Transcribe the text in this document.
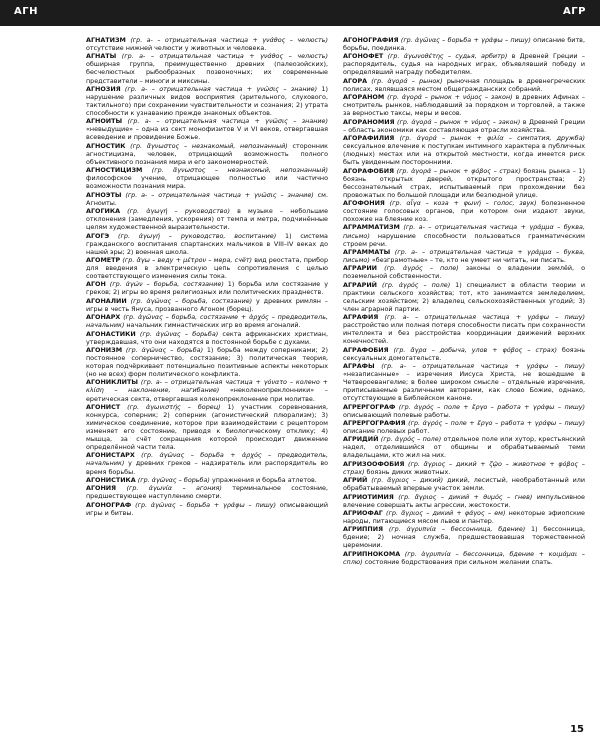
АГН	АГР

АГНАТИЗМ (гр. а- – отрицательная частица + γνάθος – челюсть) отсутствие нижней челюсти у животных и человека.

АГНАТЫ (гр. а- – отрицательная частица + γνάθος – челюсть) обширная группа, преимущественно древних (палеозойских), бесчелюстных рыбообразных позвоночных; их современные представители – миноги и миксины.

АГНОЗИЯ (гр. а- – отрицательная частица + γνῶσις – знание) 1) нарушение различных видов восприятия (зрительного, слухового, тактильного) при сохранении чувствительности и сознания; 2) утрата способности к узнаванию прежде знакомых объектов.

АГНОИТЫ (гр. а- – отрицательная частица + γνῶσις – знание) «невыдущие» – одна из сект монофизитов V и VI веков, отвергавшая всеведение и провидение Божье.

АГНОСТИК (гр. ἄγνωστος – незнакомый, непознанный) сторонник агностицизма, человек, отрицающий возможность полного объективного познания мира и его закономерностей.

АГНОСТИЦИЗМ (гр. ἄγνωστος – незнакомый, непознанный) философское учение, отрицающее полностью или частично возможности познания мира.

АГНОЭТЫ (гр. а- – отрицательная частица + γνῶσις – знание) см. Агноиты.

АГОГИКА (гр. ἀγωγή – руководство) в музыке – небольшие отклонения (замедления, ускорения) от темпа и метра, подчинённые целям художественной выразительности.

АГОГЭ (гр. ἀγωγή – руководство, воспитание) 1) система гражданского воспитания спартанских мальчиков в VIII–IV веках до нашей эры; 2) военная школа.

АГОМЕТР (гр. ἄγω – веду + μέτρον – мера, счёт) вид реостата, прибор для введения в электрическую цепь сопротивления с целью соответствующего изменения силы тока.

АГОН (гр. ἀγών – борьба, состязание) 1) борьба или состязание у греков; 2) игры во время религиозных или политических празднеств.

АГОНАЛИИ (гр. ἀγῶνας – борьба, состязание) у древних римлян – игры в честь Януса, прозванного Агоном (борец).

АГОНАРХ (гр. ἀγῶνας – борьба, состязание + ἀρχός – предводитель, начальник) начальник гимнастических игр во время агоналий.

АГОНАСТИКИ (гр. ἀγῶνας – борьба) секта африканских христиан, утверждавшая, что они находятся в постоянной борьбе с духами.

АГОНИЗМ (гр. ἀγῶνας – борьба) 1) борьба между соперниками; 2) постоянное соперничество, состязание; 3) политическая теория, которая подчёркивает потенциально позитивные аспекты некоторых (но не всех) форм политического конфликта.

АГОНИКЛИТЫ (гр. а- – отрицательная частица + γόνατο – колено + κλίση – наклонение, нагибание) «неколенопреклонники» – еретическая секта, отвергавшая коленопреклонение при молитве.

АГОНИСТ (гр. ἀγωνιστής – борец) 1) участник соревнования, конкурса, соперник; 2) соперник (агонистический плюрализм); 3) химическое соединение, которое при взаимодействии с рецептором изменяет его состояние, приводя к биологическому отклику; 4) мышца, за счёт сокращения которой происходит движение определённой части тела.

АГОНИСТАРХ (гр. ἀγῶνας – борьба + ἀρχός – предводитель, начальник) у древних греков – надзиратель или распорядитель во время борьбы.

АГОНИСТИКА (гр. ἀγῶνας – борьба) упражнения и борьба атлетов.

АГОНИЯ (гр. ἀγωνία – агония) терминальное состояние, предшествующее наступлению смерти.

АГОНОГРАФ (гр. ἀγῶνας – борьба + γράφω – пишу) описывающий игры и битвы.

АГОНОГРАФИЯ (гр. ἀγῶνας – борьба + γράφω – пишу) описание битв, борьбы, поединка.

АГОНОФЕТ (гр. ἀγωνοθέτης – судья, арбитр) в Древней Греции – распорядитель, судья на народных играх, объявлявший победу и определявший награду победителям.

АГОРА (гр. ἀγορά – рынок) рыночная площадь в древнегреческих полисах, являвшаяся местом общегражданских собраний.

АГОРАНОМ (гр. ἀγορά – рынок + νόμος – закон) в древних Афинах – смотритель рынков, наблюдавший за порядком и торговлей, а также за верностью таксы, меры и весов.

АГОРАНОМИЯ (гр. ἀγορά – рынок + νόμος – закон) в Древней Греции – область экономики как составляющая отрасли хозяйства.

АГОРАФИЛИЯ (гр. ἀγορά – рынок + φιλία – симпатия, дружба) сексуальное влечение к поступкам интимного характера в публичных (людных) местах или на открытой местности, когда имеется риск быть увиденным посторонними.

АГОРАФОБИЯ (гр. ἀγορά – рынок + φόβος – страх) боязнь рынка – 1) боязнь открытых дверей, открытого пространства; 2) бессознательный страх, испытываемый при прохождении без провожатых по большой площади или безлюдной улице.

АГОФОНИЯ (гр. αἶγα – коза + φωνή – голос, звук) болезненное состояние голосовых органов, при котором они издают звуки, похожие на блеяние коз.

АГРАММАТИЗМ (гр. а- – отрицательная частица + γράμμα – буква, письмо) нарушение способности пользоваться грамматическим строем речи.

АГРАММАТЫ (гр. а- – отрицательная частица + γράμμα – буква, письмо) «безграмотные» – те, кто не умеет ни читать, ни писать.

АГРАРИИ (гр. ἀγρός – поле) законы о владении землёй, о поземельной собственности.

АГРАРИЙ (гр. ἀγρός – поле) 1) специалист в области теории и практики сельского хозяйства; тот, кто занимается земледелием, сельским хозяйством; 2) владелец сельскохозяйственных угодий; 3) член аграрной партии.

АГРАФИЯ (гр. а- – отрицательная частица + γράφω – пишу) расстройство или полная потеря способности писать при сохранности интеллекта и без расстройства координации движений верхних конечностей.

АГРАФОБИЯ (гр. ἄγρα – добыча, улов + φόβος – страх) боязнь сексуальных домогательств.

АГРАФЫ (гр. а- – отрицательная частица + γράφω – пишу) «незаписанные» – изречения Иисуса Христа, не вошедшие в Четвероевангелие; в более широком смысле – отдельные изречения, приписываемые различными авторами, как слово Божие, однако, отсутствующие в Библейском каноне.

АГРЕРГОГРАФ (гр. ἀγρός – поле + ἔργο – работа + γράφω – пишу) описывающий полевые работы.

АГРЕРГОГРАФИЯ (гр. ἀγρός – поле + ἔργο – работа + γράφω – пишу) описание полевых работ.

АГРИДИЙ (гр. ἀγρός – поле) отдельное поле или хутор, крестьянский надел, отделившийся от общины и обрабатываемый теми владельцами, кто жил на них.

АГРИЗООФОБИЯ (гр. ἄγριος – дикий + ζῷο – животное + φόβος – страх) боязнь диких животных.

АГРИЙ (гр. ἄγριος – дикий) дикий, лесистый, необработанный или обрабатываемый впервые участок земли.

АГРИОТИМИЯ (гр. ἄγριος – дикий + θυμός – гнев) импульсивное влечение совершать акты агрессии, жестокости.

АГРИОФАГ (гр. ἄγριος – дикий + φάγος – ем) некоторые эфиопские народы, питающиеся мясом львов и пантер.

АГРИППИЯ (гр. ἀγρυπνία – бессонница, бдение) 1) бессонница, бдение; 2) ночная служба, предшествовавшая торжественной церемонии.

АГРИПНОКОМА (гр. ἀγρυπνία – бессонница, бдение + κοιμάμαι – сплю) состояние бодрствования при сильном желании спать.

15
